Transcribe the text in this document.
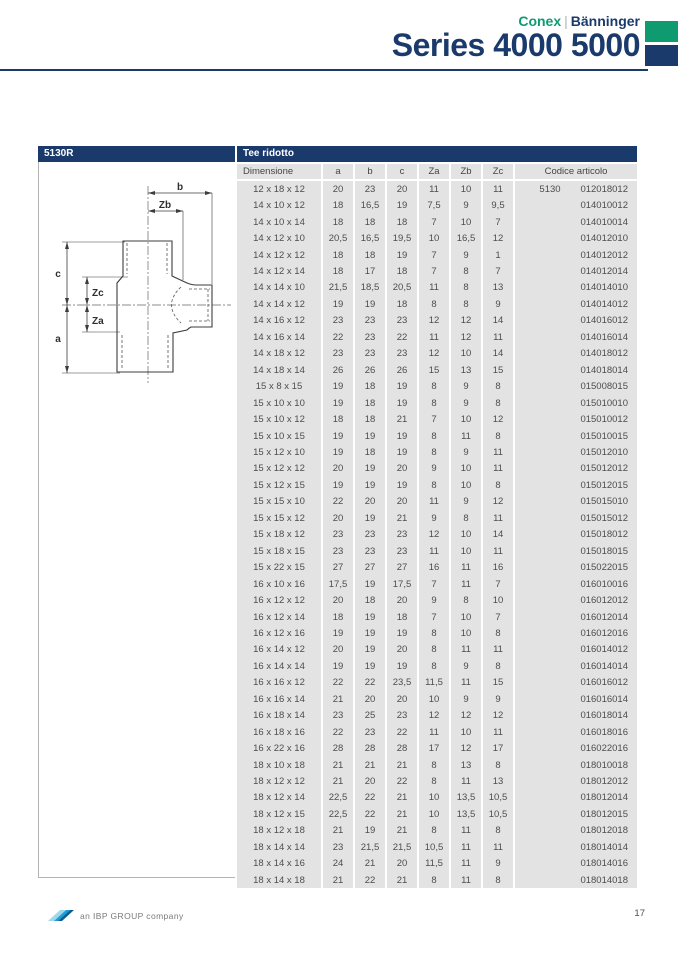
Conex | Bänninger
Series 4000 5000
5130R
b
Zb
c
Zc
Za
a
Tee ridotto
Dimensione	a	b	c	Za	Zb	Zc	Codice articolo
12 x 18 x 12	20	23	20	11	10	11	5130	012018012
14 x 10 x 12	18	16,5	19	7,5	9	9,5	014010012
14 x 10 x 14	18	18	18	7	10	7	014010014
14 x 12 x 10	20,5	16,5	19,5	10	16,5	12	014012010
14 x 12 x 12	18	18	19	7	9	1	014012012
14 x 12 x 14	18	17	18	7	8	7	014012014
14 x 14 x 10	21,5	18,5	20,5	11	8	13	014014010
14 x 14 x 12	19	19	18	8	8	9	014014012
14 x 16 x 12	23	23	23	12	12	14	014016012
14 x 16 x 14	22	23	22	11	12	11	014016014
14 x 18 x 12	23	23	23	12	10	14	014018012
14 x 18 x 14	26	26	26	15	13	15	014018014
15 x 8 x 15	19	18	19	8	9	8	015008015
15 x 10 x 10	19	18	19	8	9	8	015010010
15 x 10 x 12	18	18	21	7	10	12	015010012
15 x 10 x 15	19	19	19	8	11	8	015010015
15 x 12 x 10	19	18	19	8	9	11	015012010
15 x 12 x 12	20	19	20	9	10	11	015012012
15 x 12 x 15	19	19	19	8	10	8	015012015
15 x 15 x 10	22	20	20	11	9	12	015015010
15 x 15 x 12	20	19	21	9	8	11	015015012
15 x 18 x 12	23	23	23	12	10	14	015018012
15 x 18 x 15	23	23	23	11	10	11	015018015
15 x 22 x 15	27	27	27	16	11	16	015022015
16 x 10 x 16	17,5	19	17,5	7	11	7	016010016
16 x 12 x 12	20	18	20	9	8	10	016012012
16 x 12 x 14	18	19	18	7	10	7	016012014
16 x 12 x 16	19	19	19	8	10	8	016012016
16 x 14 x 12	20	19	20	8	11	11	016014012
16 x 14 x 14	19	19	19	8	9	8	016014014
16 x 16 x 12	22	22	23,5	11,5	11	15	016016012
16 x 16 x 14	21	20	20	10	9	9	016016014
16 x 18 x 14	23	25	23	12	12	12	016018014
16 x 18 x 16	22	23	22	11	10	11	016018016
16 x 22 x 16	28	28	28	17	12	17	016022016
18 x 10 x 18	21	21	21	8	13	8	018010018
18 x 12 x 12	21	20	22	8	11	13	018012012
18 x 12 x 14	22,5	22	21	10	13,5	10,5	018012014
18 x 12 x 15	22,5	22	21	10	13,5	10,5	018012015
18 x 12 x 18	21	19	21	8	11	8	018012018
18 x 14 x 14	23	21,5	21,5	10,5	11	11	018014014
18 x 14 x 16	24	21	20	11,5	11	9	018014016
18 x 14 x 18	21	22	21	8	11	8	018014018
an IBP GROUP company	17
